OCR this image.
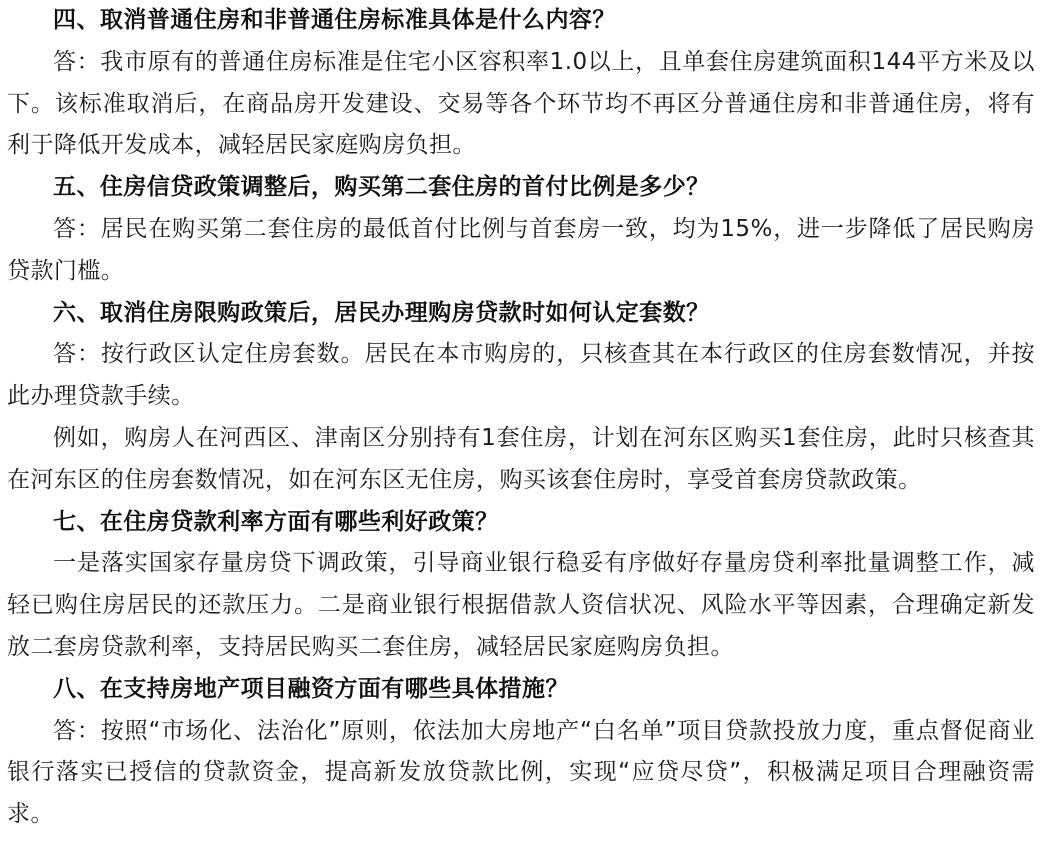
四、取消普通住房和非普通住房标准具体是什么内容？

答：我市原有的普通住房标准是住宅小区容积率1.0以上，且单套住房建筑面积144平方米及以下。该标准取消后，在商品房开发建设、交易等各个环节均不再区分普通住房和非普通住房，将有利于降低开发成本，减轻居民家庭购房负担。

五、住房信贷政策调整后，购买第二套住房的首付比例是多少？

答：居民在购买第二套住房的最低首付比例与首套房一致，均为15%，进一步降低了居民购房贷款门槛。

六、取消住房限购政策后，居民办理购房贷款时如何认定套数？

答：按行政区认定住房套数。居民在本市购房的，只核查其在本行政区的住房套数情况，并按此办理贷款手续。

例如，购房人在河西区、津南区分别持有1套住房，计划在河东区购买1套住房，此时只核查其在河东区的住房套数情况，如在河东区无住房，购买该套住房时，享受首套房贷款政策。

七、在住房贷款利率方面有哪些利好政策？

一是落实国家存量房贷下调政策，引导商业银行稳妥有序做好存量房贷利率批量调整工作，减轻已购住房居民的还款压力。二是商业银行根据借款人资信状况、风险水平等因素，合理确定新发放二套房贷款利率，支持居民购买二套住房，减轻居民家庭购房负担。

八、在支持房地产项目融资方面有哪些具体措施？

答：按照“市场化、法治化”原则，依法加大房地产“白名单”项目贷款投放力度，重点督促商业银行落实已授信的贷款资金，提高新发放贷款比例，实现“应贷尽贷”，积极满足项目合理融资需求。
